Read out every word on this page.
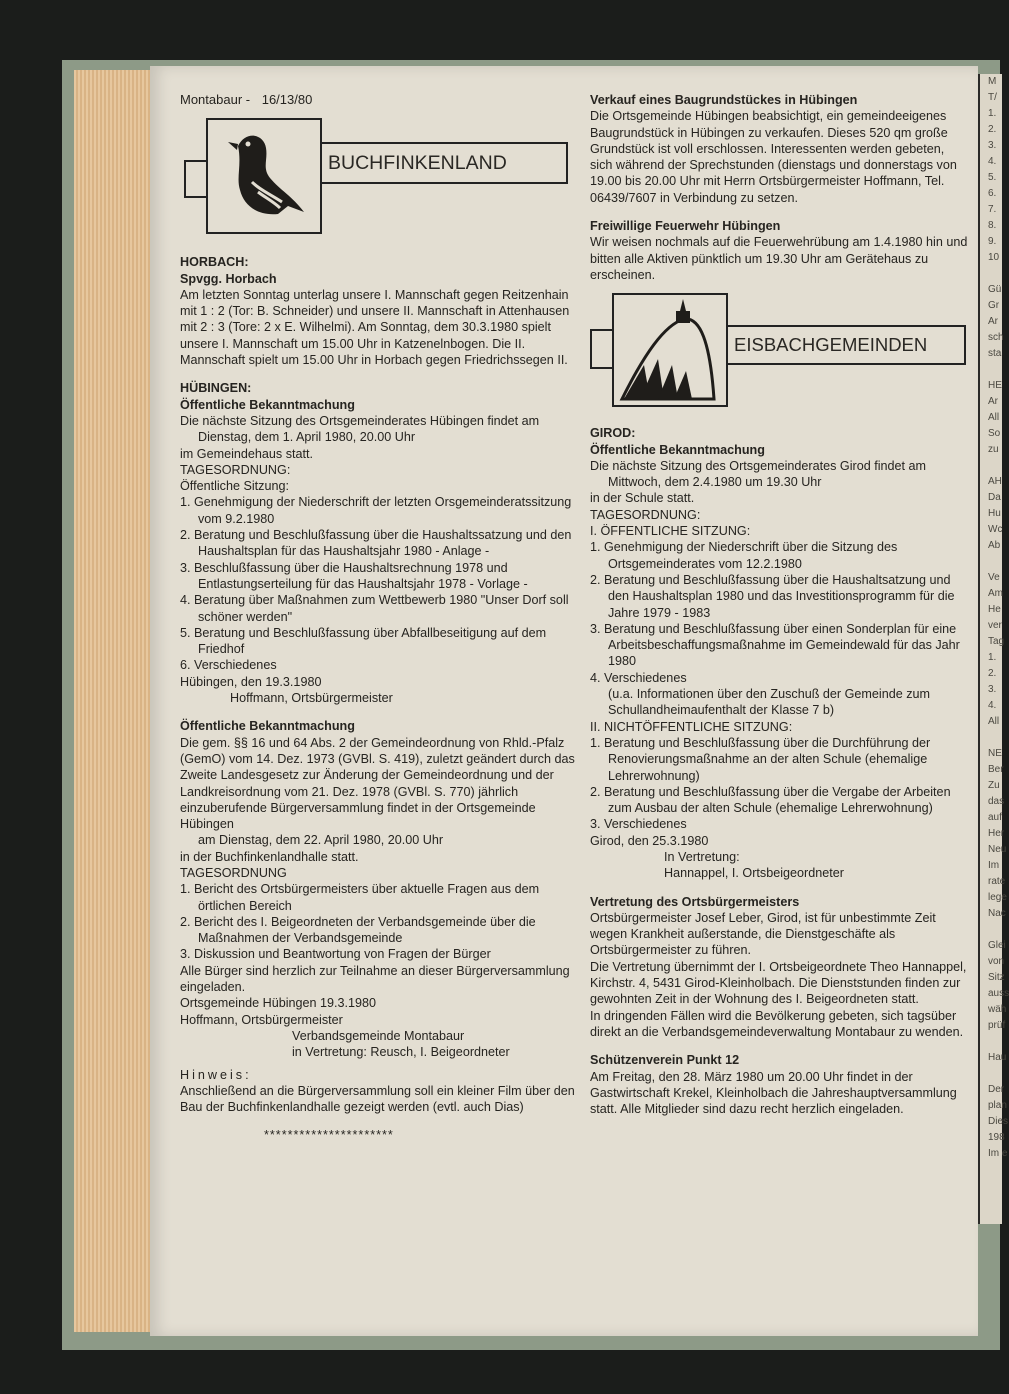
M
T/
1.
2.
3.
4.
5.
6.
7.
8.
9.
10

Gü
Gr
Ar
sch
sta

HE
Ar
All
So
zu

AH
Da
Hu
Wc
Ab

Ve
Am
He
ver
Tag
1.
2.
3.
4.
All

NE
Ber
Zu
das
auf
Her
Neu
Im
rate
lege
Nac

Glei
von
Sitz
auss
wäh
prüf

Hau

Der
plan
Dies
198
Im e
Montabaur - 16/13/80
BUCHFINKENLAND

HORBACH:

Spvgg. Horbach

Am letzten Sonntag unterlag unsere I. Mannschaft gegen Reitzenhain mit 1 : 2 (Tor: B. Schneider) und unsere II. Mannschaft in Attenhausen mit 2 : 3 (Tore: 2 x E. Wilhelmi). Am Sonntag, dem 30.3.1980 spielt unsere I. Mannschaft um 15.00 Uhr in Katzenelnbogen. Die II. Mannschaft spielt um 15.00 Uhr in Horbach gegen Friedrichssegen II.

HÜBINGEN:

Öffentliche Bekanntmachung

Die nächste Sitzung des Ortsgemeinderates Hübingen findet am

Dienstag, dem 1. April 1980, 20.00 Uhr

im Gemeindehaus statt.

TAGESORDNUNG:

Öffentliche Sitzung:

1. Genehmigung der Niederschrift der letzten Orsgemeinderatssitzung vom 9.2.1980

2. Beratung und Beschlußfassung über die Haushaltssatzung und den Haushaltsplan für das Haushaltsjahr 1980 - Anlage -

3. Beschlußfassung über die Haushaltsrechnung 1978 und Entlastungserteilung für das Haushaltsjahr 1978 - Vorlage -

4. Beratung über Maßnahmen zum Wettbewerb 1980 "Unser Dorf soll schöner werden"

5. Beratung und Beschlußfassung über Abfallbeseitigung auf dem Friedhof

6. Verschiedenes

Hübingen, den 19.3.1980

Hoffmann, Ortsbürgermeister

Öffentliche Bekanntmachung

Die gem. §§ 16 und 64 Abs. 2 der Gemeindeordnung von Rhld.-Pfalz (GemO) vom 14. Dez. 1973 (GVBl. S. 419), zuletzt geändert durch das Zweite Landesgesetz zur Änderung der Gemeindeordnung und der Landkreisordnung vom 21. Dez. 1978 (GVBl. S. 770) jährlich einzuberufende Bürgerversammlung findet in der Ortsgemeinde Hübingen

am Dienstag, dem 22. April 1980, 20.00 Uhr

in der Buchfinkenlandhalle statt.

TAGESORDNUNG

1. Bericht des Ortsbürgermeisters über aktuelle Fragen aus dem örtlichen Bereich

2. Bericht des I. Beigeordneten der Verbandsgemeinde über die Maßnahmen der Verbandsgemeinde

3. Diskussion und Beantwortung von Fragen der Bürger

Alle Bürger sind herzlich zur Teilnahme an dieser Bürgerversammlung eingeladen.

Ortsgemeinde Hübingen 19.3.1980

Hoffmann, Ortsbürgermeister

Verbandsgemeinde Montabaur

in Vertretung: Reusch, I. Beigeordneter

Hinweis:

Anschließend an die Bürgerversammlung soll ein kleiner Film über den Bau der Buchfinkenlandhalle gezeigt werden (evtl. auch Dias)

**********************

Verkauf eines Baugrundstückes in Hübingen

Die Ortsgemeinde Hübingen beabsichtigt, ein gemeindeeigenes Baugrundstück in Hübingen zu verkaufen. Dieses 520 qm große Grundstück ist voll erschlossen. Interessenten werden gebeten, sich während der Sprechstunden (dienstags und donnerstags von 19.00 bis 20.00 Uhr mit Herrn Ortsbürgermeister Hoffmann, Tel. 06439/7607 in Verbindung zu setzen.

Freiwillige Feuerwehr Hübingen

Wir weisen nochmals auf die Feuerwehrübung am 1.4.1980 hin und bitten alle Aktiven pünktlich um 19.30 Uhr am Gerätehaus zu erscheinen.

EISBACHGEMEINDEN

GIROD:

Öffentliche Bekanntmachung

Die nächste Sitzung des Ortsgemeinderates Girod findet am

Mittwoch, dem 2.4.1980 um 19.30 Uhr

in der Schule statt.

TAGESORDNUNG:

I. ÖFFENTLICHE SITZUNG:

1. Genehmigung der Niederschrift über die Sitzung des Ortsgemeinderates vom 12.2.1980

2. Beratung und Beschlußfassung über die Haushaltsatzung und den Haushaltsplan 1980 und das Investitionsprogramm für die Jahre 1979 - 1983

3. Beratung und Beschlußfassung über einen Sonderplan für eine Arbeitsbeschaffungsmaßnahme im Gemeindewald für das Jahr 1980

4. Verschiedenes

(u.a. Informationen über den Zuschuß der Gemeinde zum Schullandheimaufenthalt der Klasse 7 b)

II. NICHTÖFFENTLICHE SITZUNG:

1. Beratung und Beschlußfassung über die Durchführung der Renovierungsmaßnahme an der alten Schule (ehemalige Lehrerwohnung)

2. Beratung und Beschlußfassung über die Vergabe der Arbeiten zum Ausbau der alten Schule (ehemalige Lehrerwohnung)

3. Verschiedenes

Girod, den 25.3.1980

In Vertretung:

Hannappel, I. Ortsbeigeordneter

Vertretung des Ortsbürgermeisters

Ortsbürgermeister Josef Leber, Girod, ist für unbestimmte Zeit wegen Krankheit außerstande, die Dienstgeschäfte als Ortsbürgermeister zu führen.

Die Vertretung übernimmt der I. Ortsbeigeordnete Theo Hannappel, Kirchstr. 4, 5431 Girod-Kleinholbach. Die Dienststunden finden zur gewohnten Zeit in der Wohnung des I. Beigeordneten statt.

In dringenden Fällen wird die Bevölkerung gebeten, sich tagsüber direkt an die Verbandsgemeindeverwaltung Montabaur zu wenden.

Schützenverein Punkt 12

Am Freitag, den 28. März 1980 um 20.00 Uhr findet in der Gastwirtschaft Krekel, Kleinholbach die Jahreshauptversammlung statt. Alle Mitglieder sind dazu recht herzlich eingeladen.
